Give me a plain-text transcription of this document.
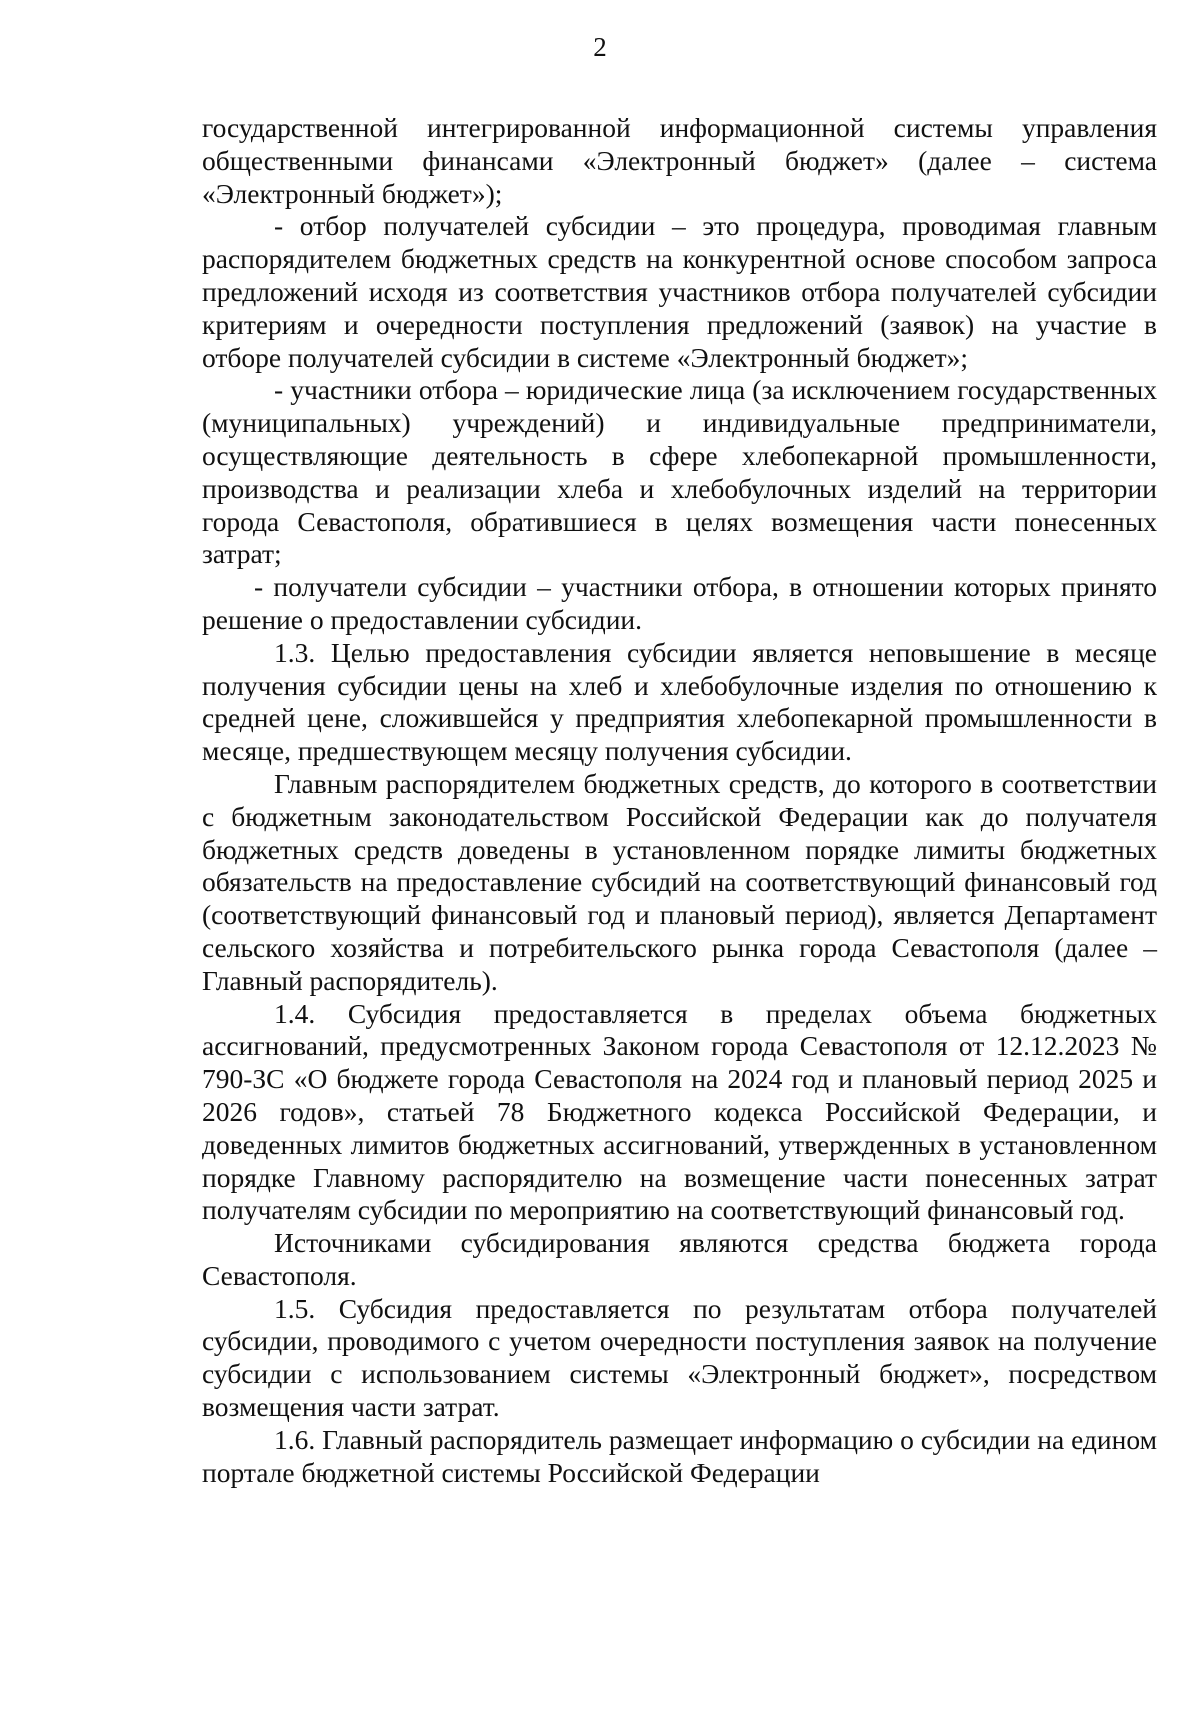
2

государственной интегрированной информационной системы управления общественными финансами «Электронный бюджет» (далее – система «Электронный бюджет»);

- отбор получателей субсидии – это процедура, проводимая главным распорядителем бюджетных средств на конкурентной основе способом запроса предложений исходя из соответствия участников отбора получателей субсидии критериям и очередности поступления предложений (заявок) на участие в отборе получателей субсидии в системе «Электронный бюджет»;

- участники отбора – юридические лица (за исключением государственных (муниципальных) учреждений) и индивидуальные предприниматели, осуществляющие деятельность в сфере хлебопекарной промышленности, производства и реализации хлеба и хлебобулочных изделий на территории города Севастополя, обратившиеся в целях возмещения части понесенных затрат;

- получатели субсидии – участники отбора, в отношении которых принято решение о предоставлении субсидии.

1.3. Целью предоставления субсидии является неповышение в месяце получения субсидии цены на хлеб и хлебобулочные изделия по отношению к средней цене, сложившейся у предприятия хлебопекарной промышленности в месяце, предшествующем месяцу получения субсидии.

Главным распорядителем бюджетных средств, до которого в соответствии с бюджетным законодательством Российской Федерации как до получателя бюджетных средств доведены в установленном порядке лимиты бюджетных обязательств на предоставление субсидий на соответствующий финансовый год (соответствующий финансовый год и плановый период), является Департамент сельского хозяйства и потребительского рынка города Севастополя (далее – Главный распорядитель).

1.4. Субсидия предоставляется в пределах объема бюджетных ассигнований, предусмотренных Законом города Севастополя от 12.12.2023 № 790-ЗС «О бюджете города Севастополя на 2024 год и плановый период 2025 и 2026 годов», статьей 78 Бюджетного кодекса Российской Федерации, и доведенных лимитов бюджетных ассигнований, утвержденных в установленном порядке Главному распорядителю на возмещение части понесенных затрат получателям субсидии по мероприятию на соответствующий финансовый год.

Источниками субсидирования являются средства бюджета города Севастополя.

1.5. Субсидия предоставляется по результатам отбора получателей субсидии, проводимого с учетом очередности поступления заявок на получение субсидии с использованием системы «Электронный бюджет», посредством возмещения части затрат.

1.6. Главный распорядитель размещает информацию о субсидии на едином портале бюджетной системы Российской Федерации
